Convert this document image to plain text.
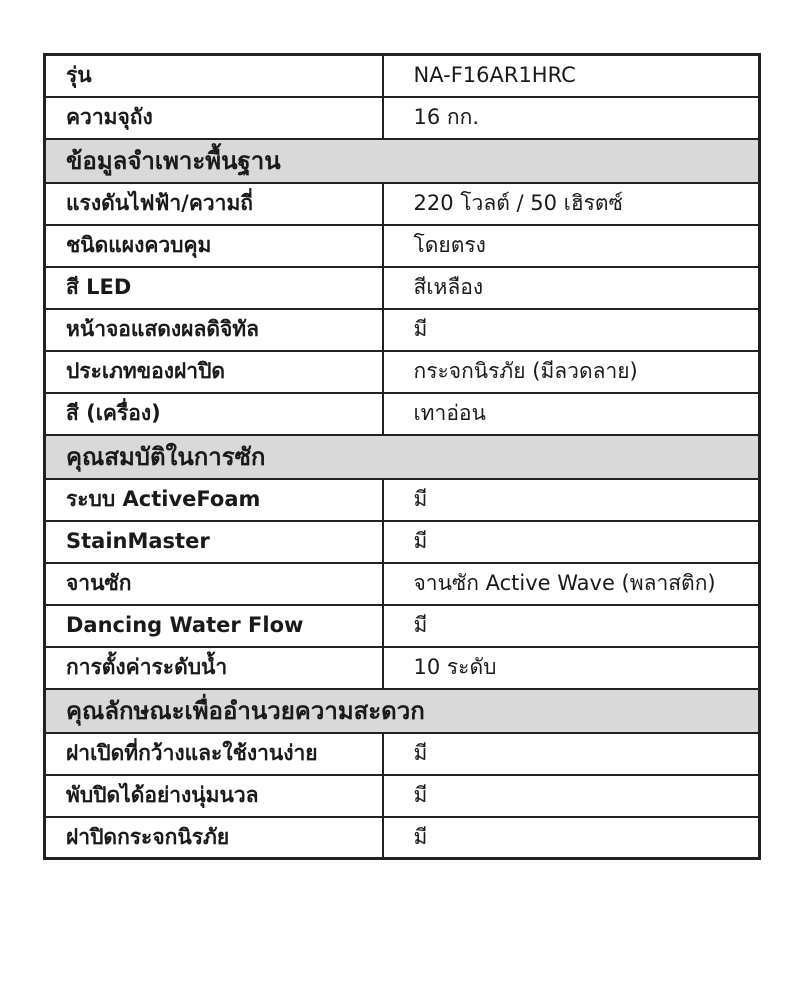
รุ่น	NA-F16AR1HRC
ความจุถัง	16 กก.
ข้อมูลจำเพาะพื้นฐาน	
แรงดันไฟฟ้า/ความถี่	220 โวลต์ / 50 เฮิรตซ์
ชนิดแผงควบคุม	โดยตรง
สี LED	สีเหลือง
หน้าจอแสดงผลดิจิทัล	มี
ประเภทของฝาปิด	กระจกนิรภัย (มีลวดลาย)
สี (เครื่อง)	เทาอ่อน
คุณสมบัติในการซัก	
ระบบ ActiveFoam	มี
StainMaster	มี
จานซัก	จานซัก Active Wave (พลาสติก)
Dancing Water Flow	มี
การตั้งค่าระดับน้ำ	10 ระดับ
คุณลักษณะเพื่ออำนวยความสะดวก	
ฝาเปิดที่กว้างและใช้งานง่าย	มี
พับปิดได้อย่างนุ่มนวล	มี
ฝาปิดกระจกนิรภัย	มี
